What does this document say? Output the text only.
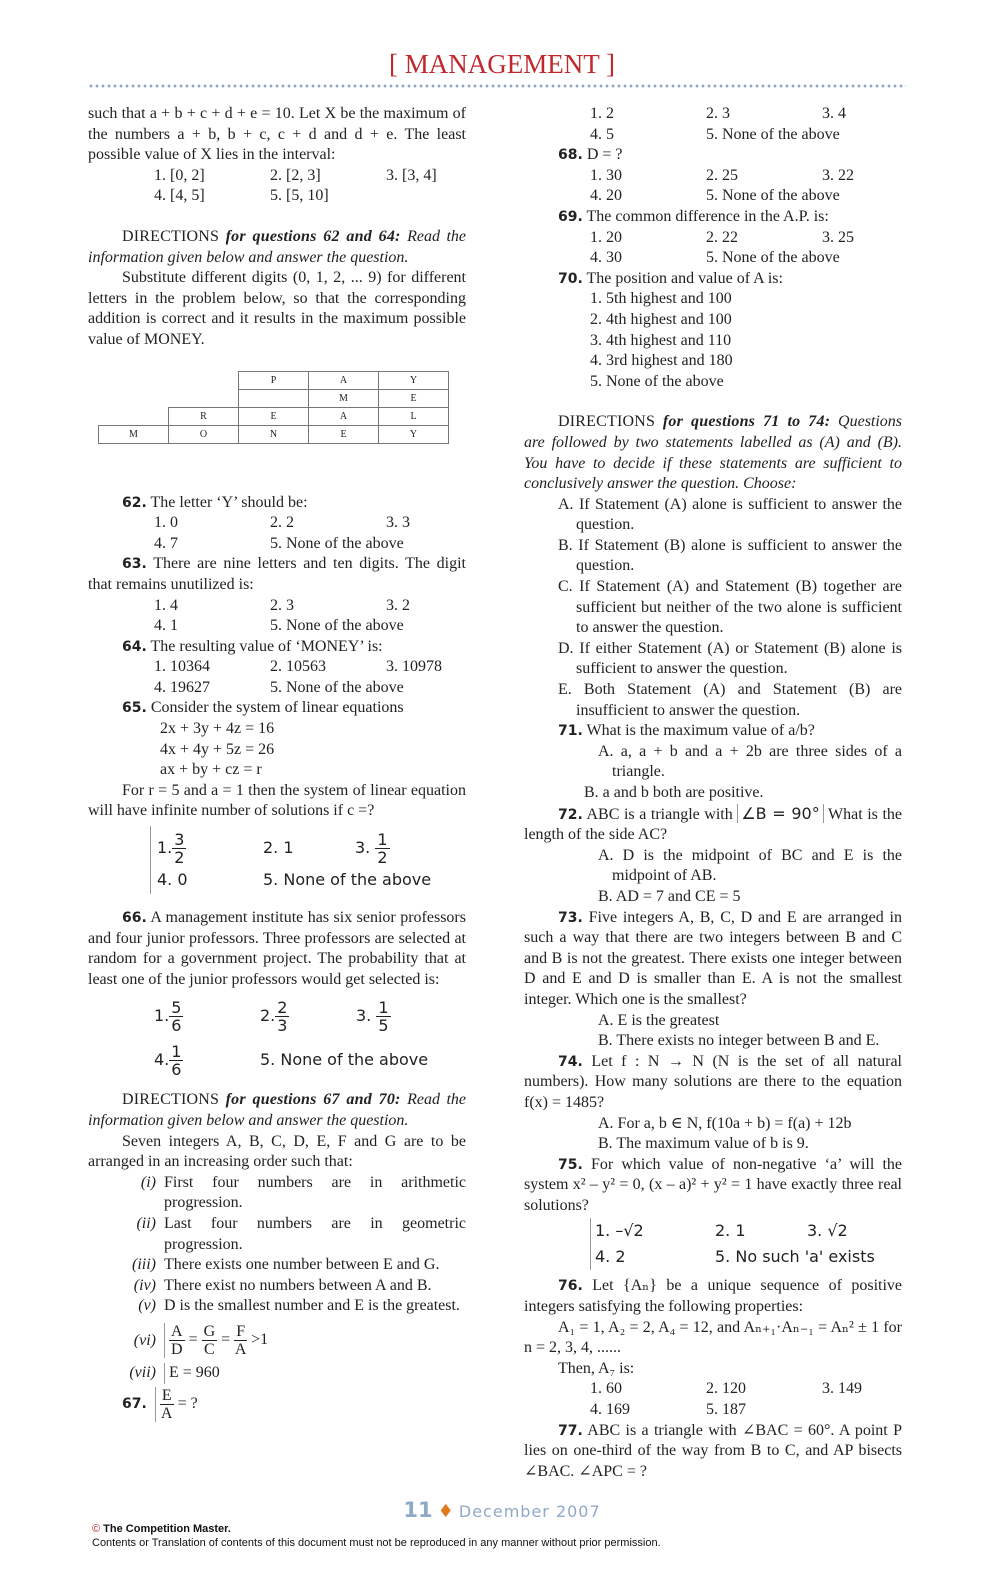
[ MANAGEMENT ]

such that a + b + c + d + e = 10. Let X be the maximum of the numbers a + b, b + c, c + d and d + e. The least possible value of X lies in the interval:

1. [0, 2]	2. [2, 3]	3. [3, 4]
4. [4, 5]	5. [5, 10]

DIRECTIONS for questions 62 and 64: Read the information given below and answer the question.

Substitute different digits (0, 1, 2, ... 9) for different letters in the problem below, so that the corresponding addition is correct and it results in the maximum possible value of MONEY.

		P	A	Y
			M	E
	R	E	A	L
M	O	N	E	Y

62. The letter ‘Y’ should be:

1. 0	2. 2	3. 3
4. 7	5. None of the above

63. There are nine letters and ten digits. The digit that remains unutilized is:

1. 4	2. 3	3. 2
4. 1	5. None of the above

64. The resulting value of ‘MONEY’ is:

1. 10364	2. 10563	3. 10978
4. 19627	5. None of the above

65. Consider the system of linear equations

2x + 3y + 4z = 16
4x + 4y + 5z = 26
ax + by + cz = r

For r = 5 and a = 1 then the system of linear equation will have infinite number of solutions if c =?

1. $\frac{3}{2}$	2. 1	3. $\frac{1}{2}$
4. 0	5. None of the above

66. A management institute has six senior professors and four junior professors. Three professors are selected at random for a government project. The probability that at least one of the junior professors would get selected is:

1. $\frac{5}{6}$	2. $\frac{2}{3}$	3. $\frac{1}{5}$
4. $\frac{1}{6}$	5. None of the above

DIRECTIONS for questions 67 and 70: Read the information given below and answer the question.

Seven integers A, B, C, D, E, F and G are to be arranged in an increasing order such that:

(i) First four numbers are in arithmetic progression.
(ii) Last four numbers are in geometric progression.
(iii) There exists one number between E and G.
(iv) There exist no numbers between A and B.
(v) D is the smallest number and E is the greatest.
$(vi) \frac{A}{D} = \frac{G}{C} = \frac{F}{A} >1$
(vii) E = 960
67. $\frac{E}{A}$ = ?
1. 2	2. 3	3. 4
4. 5	5. None of the above

68. D = ?

1. 30	2. 25	3. 22
4. 20	5. None of the above

69. The common difference in the A.P. is:

1. 20	2. 22	3. 25
4. 30	5. None of the above

70. The position and value of A is:

1. 5th highest and 100
2. 4th highest and 100
3. 4th highest and 110
4. 3rd highest and 180
5. None of the above

DIRECTIONS for questions 71 to 74: Questions are followed by two statements labelled as (A) and (B). You have to decide if these statements are sufficient to conclusively answer the question. Choose:

A. If Statement (A) alone is sufficient to answer the question.

B. If Statement (B) alone is sufficient to answer the question.

C. If Statement (A) and Statement (B) together are sufficient but neither of the two alone is sufficient to answer the question.

D. If either Statement (A) or Statement (B) alone is sufficient to answer the question.

E. Both Statement (A) and Statement (B) are insufficient to answer the question.

71. What is the maximum value of a/b?

A. a, a + b and a + 2b are three sides of a triangle.

B. a and b both are positive.

72. ABC is a triangle with ∠B = 90° What is the length of the side AC?

A. D is the midpoint of BC and E is the midpoint of AB.

B. AD = 7 and CE = 5

73. Five integers A, B, C, D and E are arranged in such a way that there are two integers between B and C and B is not the greatest. There exists one integer between D and E and D is smaller than E. A is not the smallest integer. Which one is the smallest?

A. E is the greatest

B. There exists no integer between B and E.

74. Let f : N → N (N is the set of all natural numbers). How many solutions are there to the equation f(x) = 1485?

A. For a, b ∈ N, f(10a + b) = f(a) + 12b

B. The maximum value of b is 9.

75. For which value of non-negative ‘a’ will the system x² – y² = 0, (x – a)² + y² = 1 have exactly three real solutions?

1. –√2	2. 1	3. √2
4. 2	5. No such 'a' exists

76. Let {Aₙ} be a unique sequence of positive integers satisfying the following properties:

A₁ = 1, A₂ = 2, A₄ = 12, and Aₙ₊₁·Aₙ₋₁ = Aₙ² ± 1 for n = 2, 3, 4, ......

Then, A₇ is:

1. 60	2. 120	3. 149
4. 169	5. 187

77. ABC is a triangle with ∠BAC = 60°. A point P lies on one-third of the way from B to C, and AP bisects ∠BAC. ∠APC = ?

11 ♦ December 2007
© The Competition Master.
Contents or Translation of contents of this document must not be reproduced in any manner without prior permission.
